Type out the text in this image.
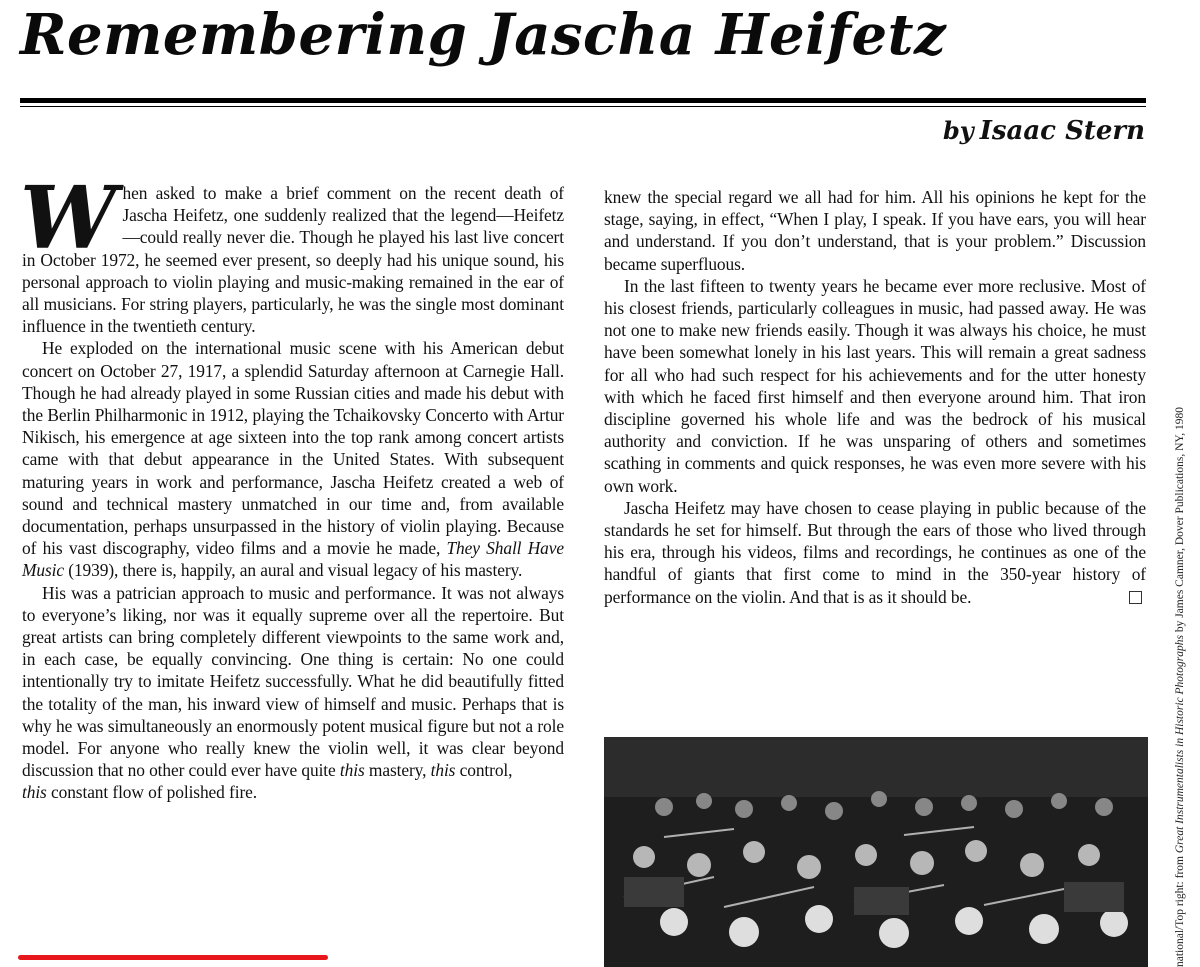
Remembering Jascha Heifetz
by Isaac Stern

When asked to make a brief comment on the recent death of Jascha Heifetz, one suddenly realized that the legend—Heifetz—could really never die. Though he played his last live concert in October 1972, he seemed ever present, so deeply had his unique sound, his personal approach to violin playing and music-making remained in the ear of all musicians. For string players, particularly, he was the single most dominant influence in the twentieth century.

He exploded on the international music scene with his American debut concert on October 27, 1917, a splendid Saturday afternoon at Carnegie Hall. Though he had already played in some Russian cities and made his debut with the Berlin Philharmonic in 1912, playing the Tchaikovsky Concerto with Artur Nikisch, his emergence at age sixteen into the top rank among concert artists came with that debut appearance in the United States. With subsequent maturing years in work and performance, Jascha Heifetz created a web of sound and technical mastery unmatched in our time and, from available documentation, perhaps unsurpassed in the history of violin playing. Because of his vast discography, video films and a movie he made, They Shall Have Music (1939), there is, happily, an aural and visual legacy of his mastery.

His was a patrician approach to music and performance. It was not always to everyone’s liking, nor was it equally supreme over all the repertoire. But great artists can bring completely different viewpoints to the same work and, in each case, be equally convincing. One thing is certain: No one could intentionally try to imitate Heifetz successfully. What he did beautifully fitted the totality of the man, his inward view of himself and music. Perhaps that is why he was simultaneously an enormously potent musical figure but not a role model. For anyone who really knew the violin well, it was clear beyond discussion that no other could ever have quite this mastery, this control,
this constant flow of polished fire.

knew the special regard we all had for him. All his opinions he kept for the stage, saying, in effect, “When I play, I speak. If you have ears, you will hear and understand. If you don’t understand, that is your problem.” Discussion became superfluous.

In the last fifteen to twenty years he became ever more reclusive. Most of his closest friends, particularly colleagues in music, had passed away. He was not one to make new friends easily. Though it was always his choice, he must have been somewhat lonely in his last years. This will remain a great sadness for all who had such respect for his achievements and for the utter honesty with which he faced first himself and then everyone around him. That iron discipline governed his whole life and was the bedrock of his musical authority and conviction. If he was unsparing of others and sometimes scathing in comments and quick responses, he was even more severe with his own work.

Jascha Heifetz may have chosen to cease playing in public because of the standards he set for himself. But through the ears of those who lived through his era, through his videos, films and recordings, he continues as one of the handful of giants that first come to mind in the 350-year history of performance on the violin. And that is as it should be.

national/Top right: from Great Instrumentalists in Historic Photographs by James Camner, Dover Publications, NY, 1980
